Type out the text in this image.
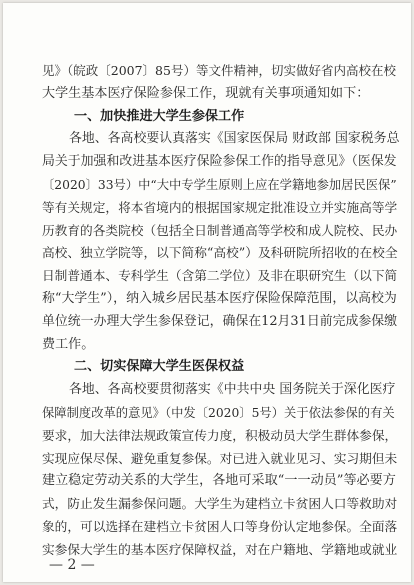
见》（皖政〔2007〕85号）等文件精神，切实做好省内高校在校
大学生基本医疗保险参保工作，现就有关事项通知如下：
一、加快推进大学生参保工作
各地、各高校要认真落实《国家医保局 财政部 国家税务总
局关于加强和改进基本医疗保险参保工作的指导意见》（医保发
〔2020〕33号）中“大中专学生原则上应在学籍地参加居民医保”
等有关规定，将本省境内的根据国家规定批准设立并实施高等学
历教育的各类院校（包括全日制普通高等学校和成人院校、民办
高校、独立学院等，以下简称“高校”）及科研院所招收的在校全
日制普通本、专科学生（含第二学位）及非在职研究生（以下简
称“大学生”），纳入城乡居民基本医疗保险保障范围，以高校为
单位统一办理大学生参保登记，确保在12月31日前完成参保缴
费工作。
二、切实保障大学生医保权益
各地、各高校要贯彻落实《中共中央 国务院关于深化医疗
保障制度改革的意见》（中发〔2020〕5号）关于依法参保的有关
要求，加大法律法规政策宣传力度，积极动员大学生群体参保，
实现应保尽保、避免重复参保。对已进入就业见习、实习期但未
建立稳定劳动关系的大学生，各地可采取“一一动员”等必要方
式，防止发生漏参保问题。大学生为建档立卡贫困人口等救助对
象的，可以选择在建档立卡贫困人口等身份认定地参保。全面落
实参保大学生的基本医疗保障权益，对在户籍地、学籍地或就业
— 2 —
